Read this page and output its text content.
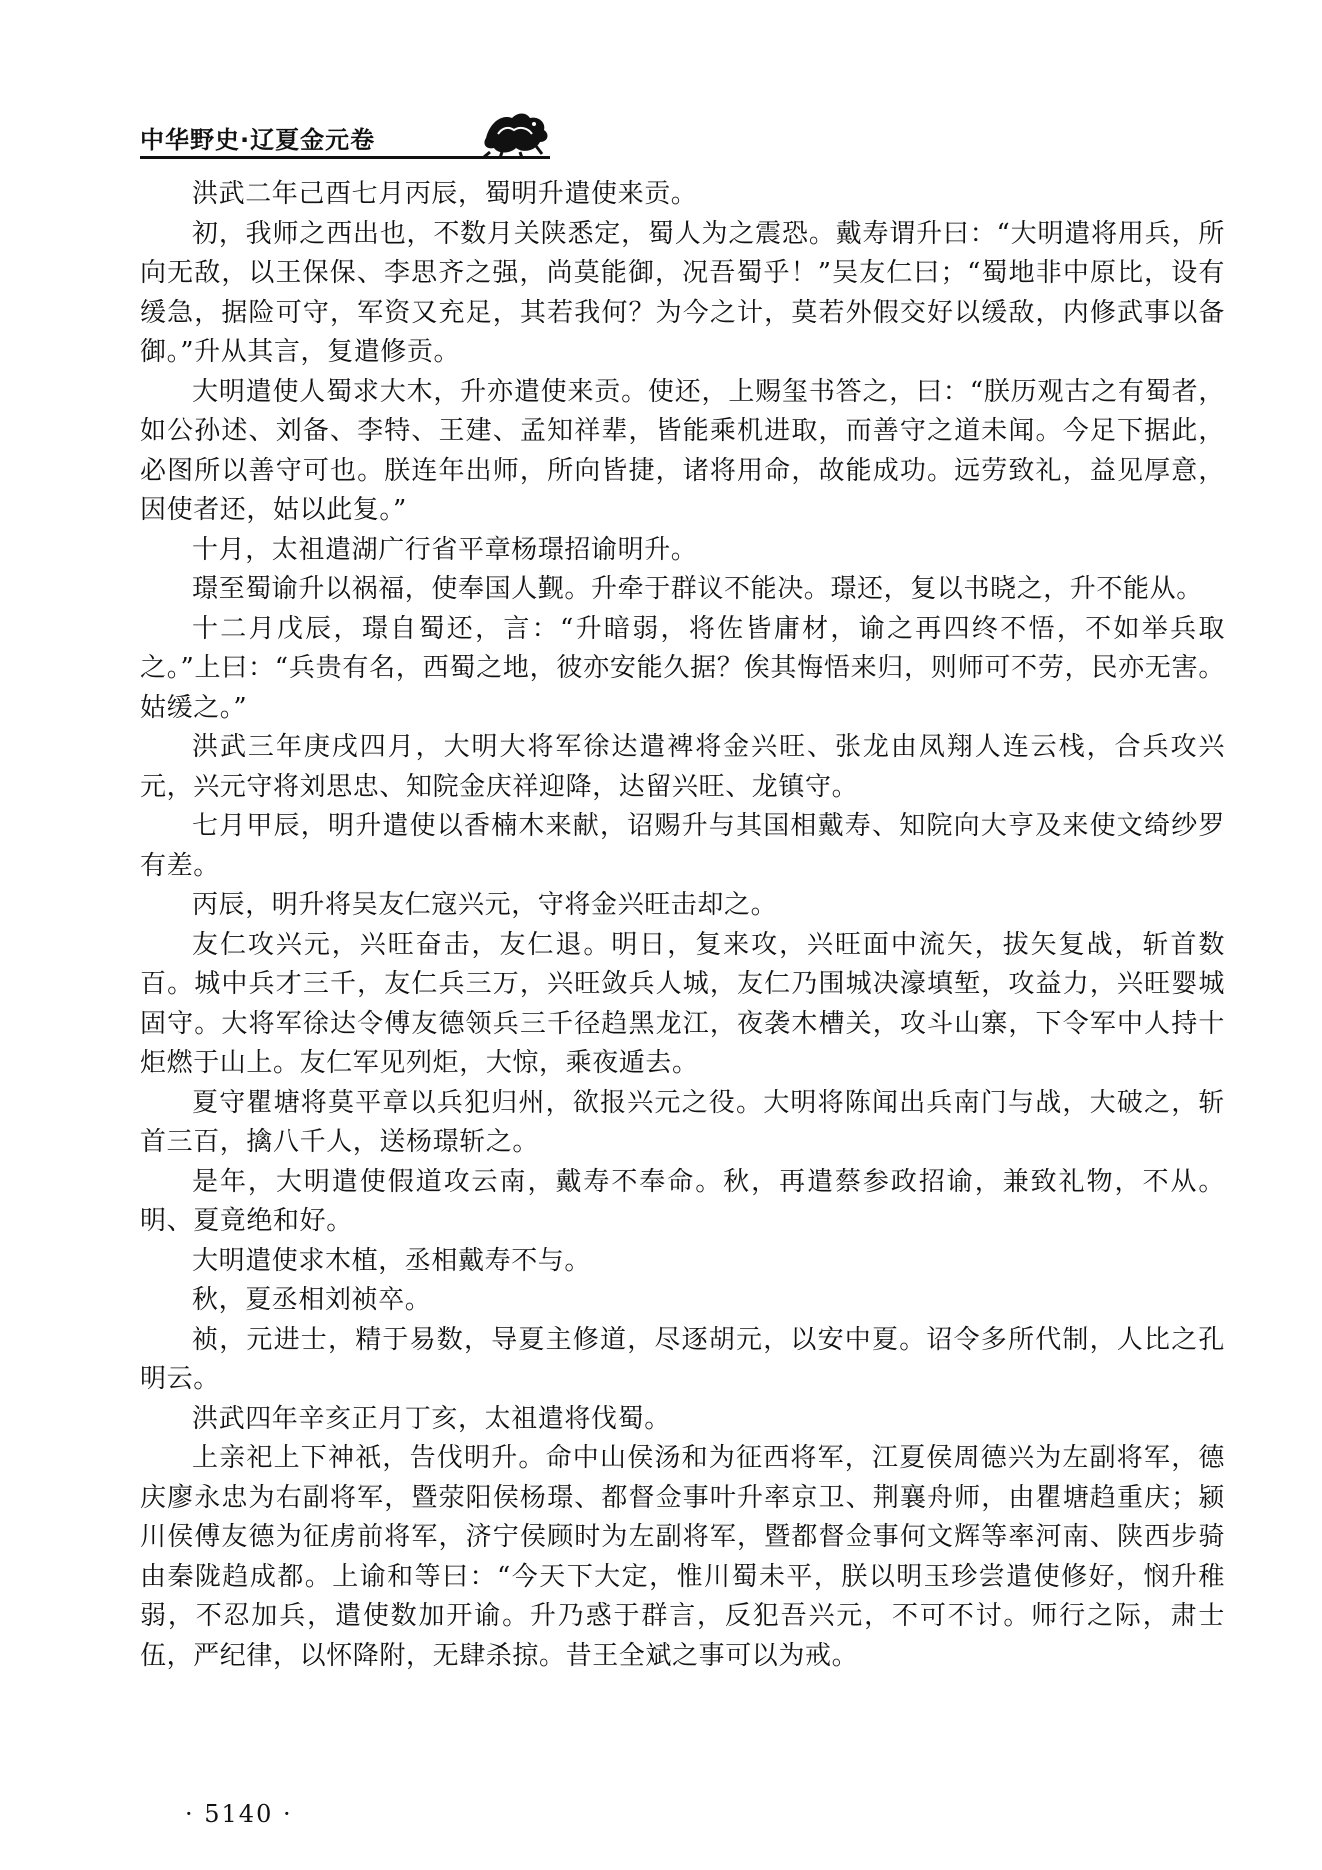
中华野史·辽夏金元卷

洪武二年己酉七月丙辰，蜀明升遣使来贡。

初，我师之西出也，不数月关陕悉定，蜀人为之震恐。戴寿谓升曰：“大明遣将用兵，所向无敌，以王保保、李思齐之强，尚莫能御，况吾蜀乎！”吴友仁曰；“蜀地非中原比，设有缓急，据险可守，军资又充足，其若我何？为今之计，莫若外假交好以缓敌，内修武事以备御。”升从其言，复遣修贡。

大明遣使人蜀求大木，升亦遣使来贡。使还，上赐玺书答之，曰：“朕历观古之有蜀者，如公孙述、刘备、李特、王建、孟知祥辈，皆能乘机进取，而善守之道未闻。今足下据此，必图所以善守可也。朕连年出师，所向皆捷，诸将用命，故能成功。远劳致礼，益见厚意，因使者还，姑以此复。”

十月，太祖遣湖广行省平章杨璟招谕明升。

璟至蜀谕升以祸福，使奉国人觐。升牵于群议不能决。璟还，复以书晓之，升不能从。

十二月戊辰，璟自蜀还，言：“升暗弱，将佐皆庸材，谕之再四终不悟，不如举兵取之。”上曰：“兵贵有名，西蜀之地，彼亦安能久据？俟其悔悟来归，则师可不劳，民亦无害。姑缓之。”

洪武三年庚戌四月，大明大将军徐达遣裨将金兴旺、张龙由凤翔人连云栈，合兵攻兴元，兴元守将刘思忠、知院金庆祥迎降，达留兴旺、龙镇守。

七月甲辰，明升遣使以香楠木来献，诏赐升与其国相戴寿、知院向大亨及来使文绮纱罗有差。

丙辰，明升将吴友仁寇兴元，守将金兴旺击却之。

友仁攻兴元，兴旺奋击，友仁退。明日，复来攻，兴旺面中流矢，拔矢复战，斩首数百。城中兵才三千，友仁兵三万，兴旺敛兵人城，友仁乃围城决濠填堑，攻益力，兴旺婴城固守。大将军徐达令傅友德领兵三千径趋黑龙江，夜袭木槽关，攻斗山寨，下令军中人持十炬燃于山上。友仁军见列炬，大惊，乘夜遁去。

夏守瞿塘将莫平章以兵犯归州，欲报兴元之役。大明将陈闻出兵南门与战，大破之，斩首三百，擒八千人，送杨璟斩之。

是年，大明遣使假道攻云南，戴寿不奉命。秋，再遣蔡参政招谕，兼致礼物，不从。明、夏竟绝和好。

大明遣使求木植，丞相戴寿不与。

秋，夏丞相刘祯卒。

祯，元进士，精于易数，导夏主修道，尽逐胡元，以安中夏。诏令多所代制，人比之孔明云。

洪武四年辛亥正月丁亥，太祖遣将伐蜀。

上亲祀上下神祇，告伐明升。命中山侯汤和为征西将军，江夏侯周德兴为左副将军，德庆廖永忠为右副将军，暨荥阳侯杨璟、都督佥事叶升率京卫、荆襄舟师，由瞿塘趋重庆；颍川侯傅友德为征虏前将军，济宁侯顾时为左副将军，暨都督佥事何文辉等率河南、陕西步骑由秦陇趋成都。上谕和等曰：“今天下大定，惟川蜀未平，朕以明玉珍尝遣使修好，悯升稚弱，不忍加兵，遣使数加开谕。升乃惑于群言，反犯吾兴元，不可不讨。师行之际，肃士伍，严纪律，以怀降附，无肆杀掠。昔王全斌之事可以为戒。

· 5140 ·
